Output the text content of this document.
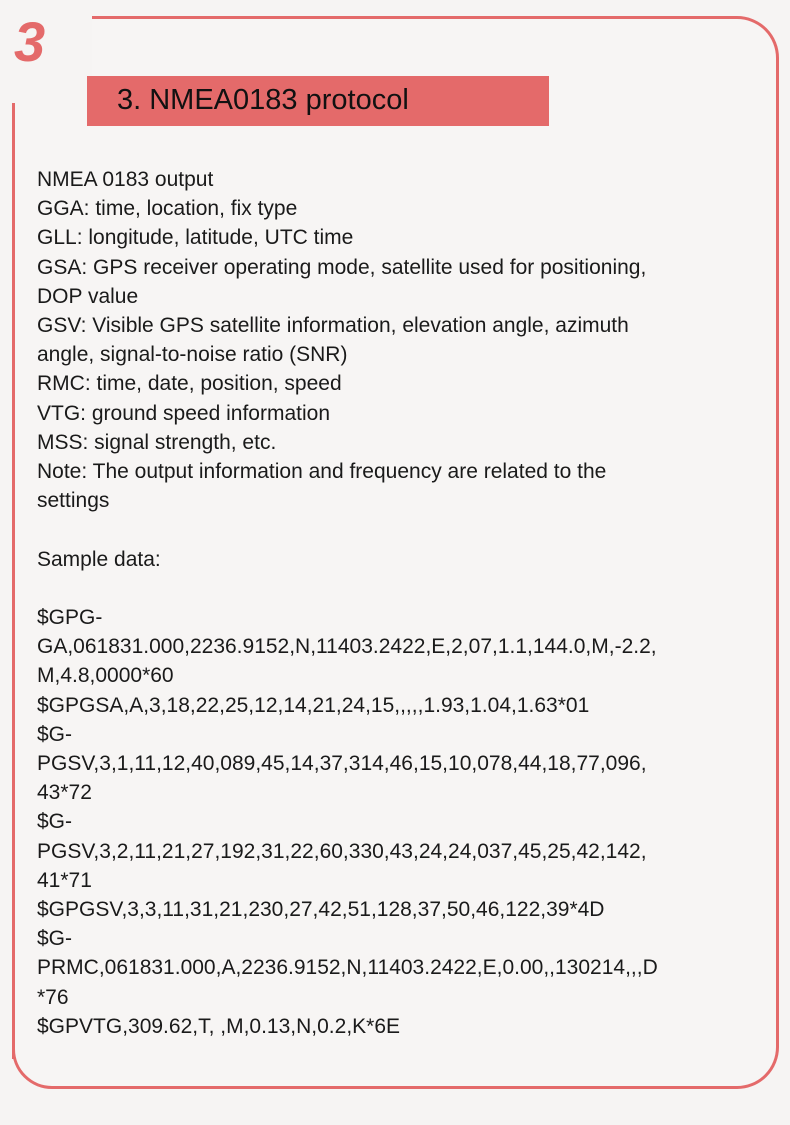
3
3. NMEA0183 protocol
NMEA 0183 output
GGA: time, location, fix type
GLL: longitude, latitude, UTC time
GSA: GPS receiver operating mode, satellite used for positioning,
DOP value
GSV: Visible GPS satellite information, elevation angle, azimuth
angle, signal-to-noise ratio (SNR)
RMC: time, date, position, speed
VTG: ground speed information
MSS: signal strength, etc.
Note: The output information and frequency are related to the
settings
Sample data:
$GPG-
GA,061831.000,2236.9152,N,11403.2422,E,2,07,1.1,144.0,M,-2.2,
M,4.8,0000*60
$GPGSA,A,3,18,22,25,12,14,21,24,15,,,,,1.93,1.04,1.63*01
$G-
PGSV,3,1,11,12,40,089,45,14,37,314,46,15,10,078,44,18,77,096,
43*72
$G-
PGSV,3,2,11,21,27,192,31,22,60,330,43,24,24,037,45,25,42,142,
41*71
$GPGSV,3,3,11,31,21,230,27,42,51,128,37,50,46,122,39*4D
$G-
PRMC,061831.000,A,2236.9152,N,11403.2422,E,0.00,,130214,,,D
*76
$GPVTG,309.62,T, ,M,0.13,N,0.2,K*6E
